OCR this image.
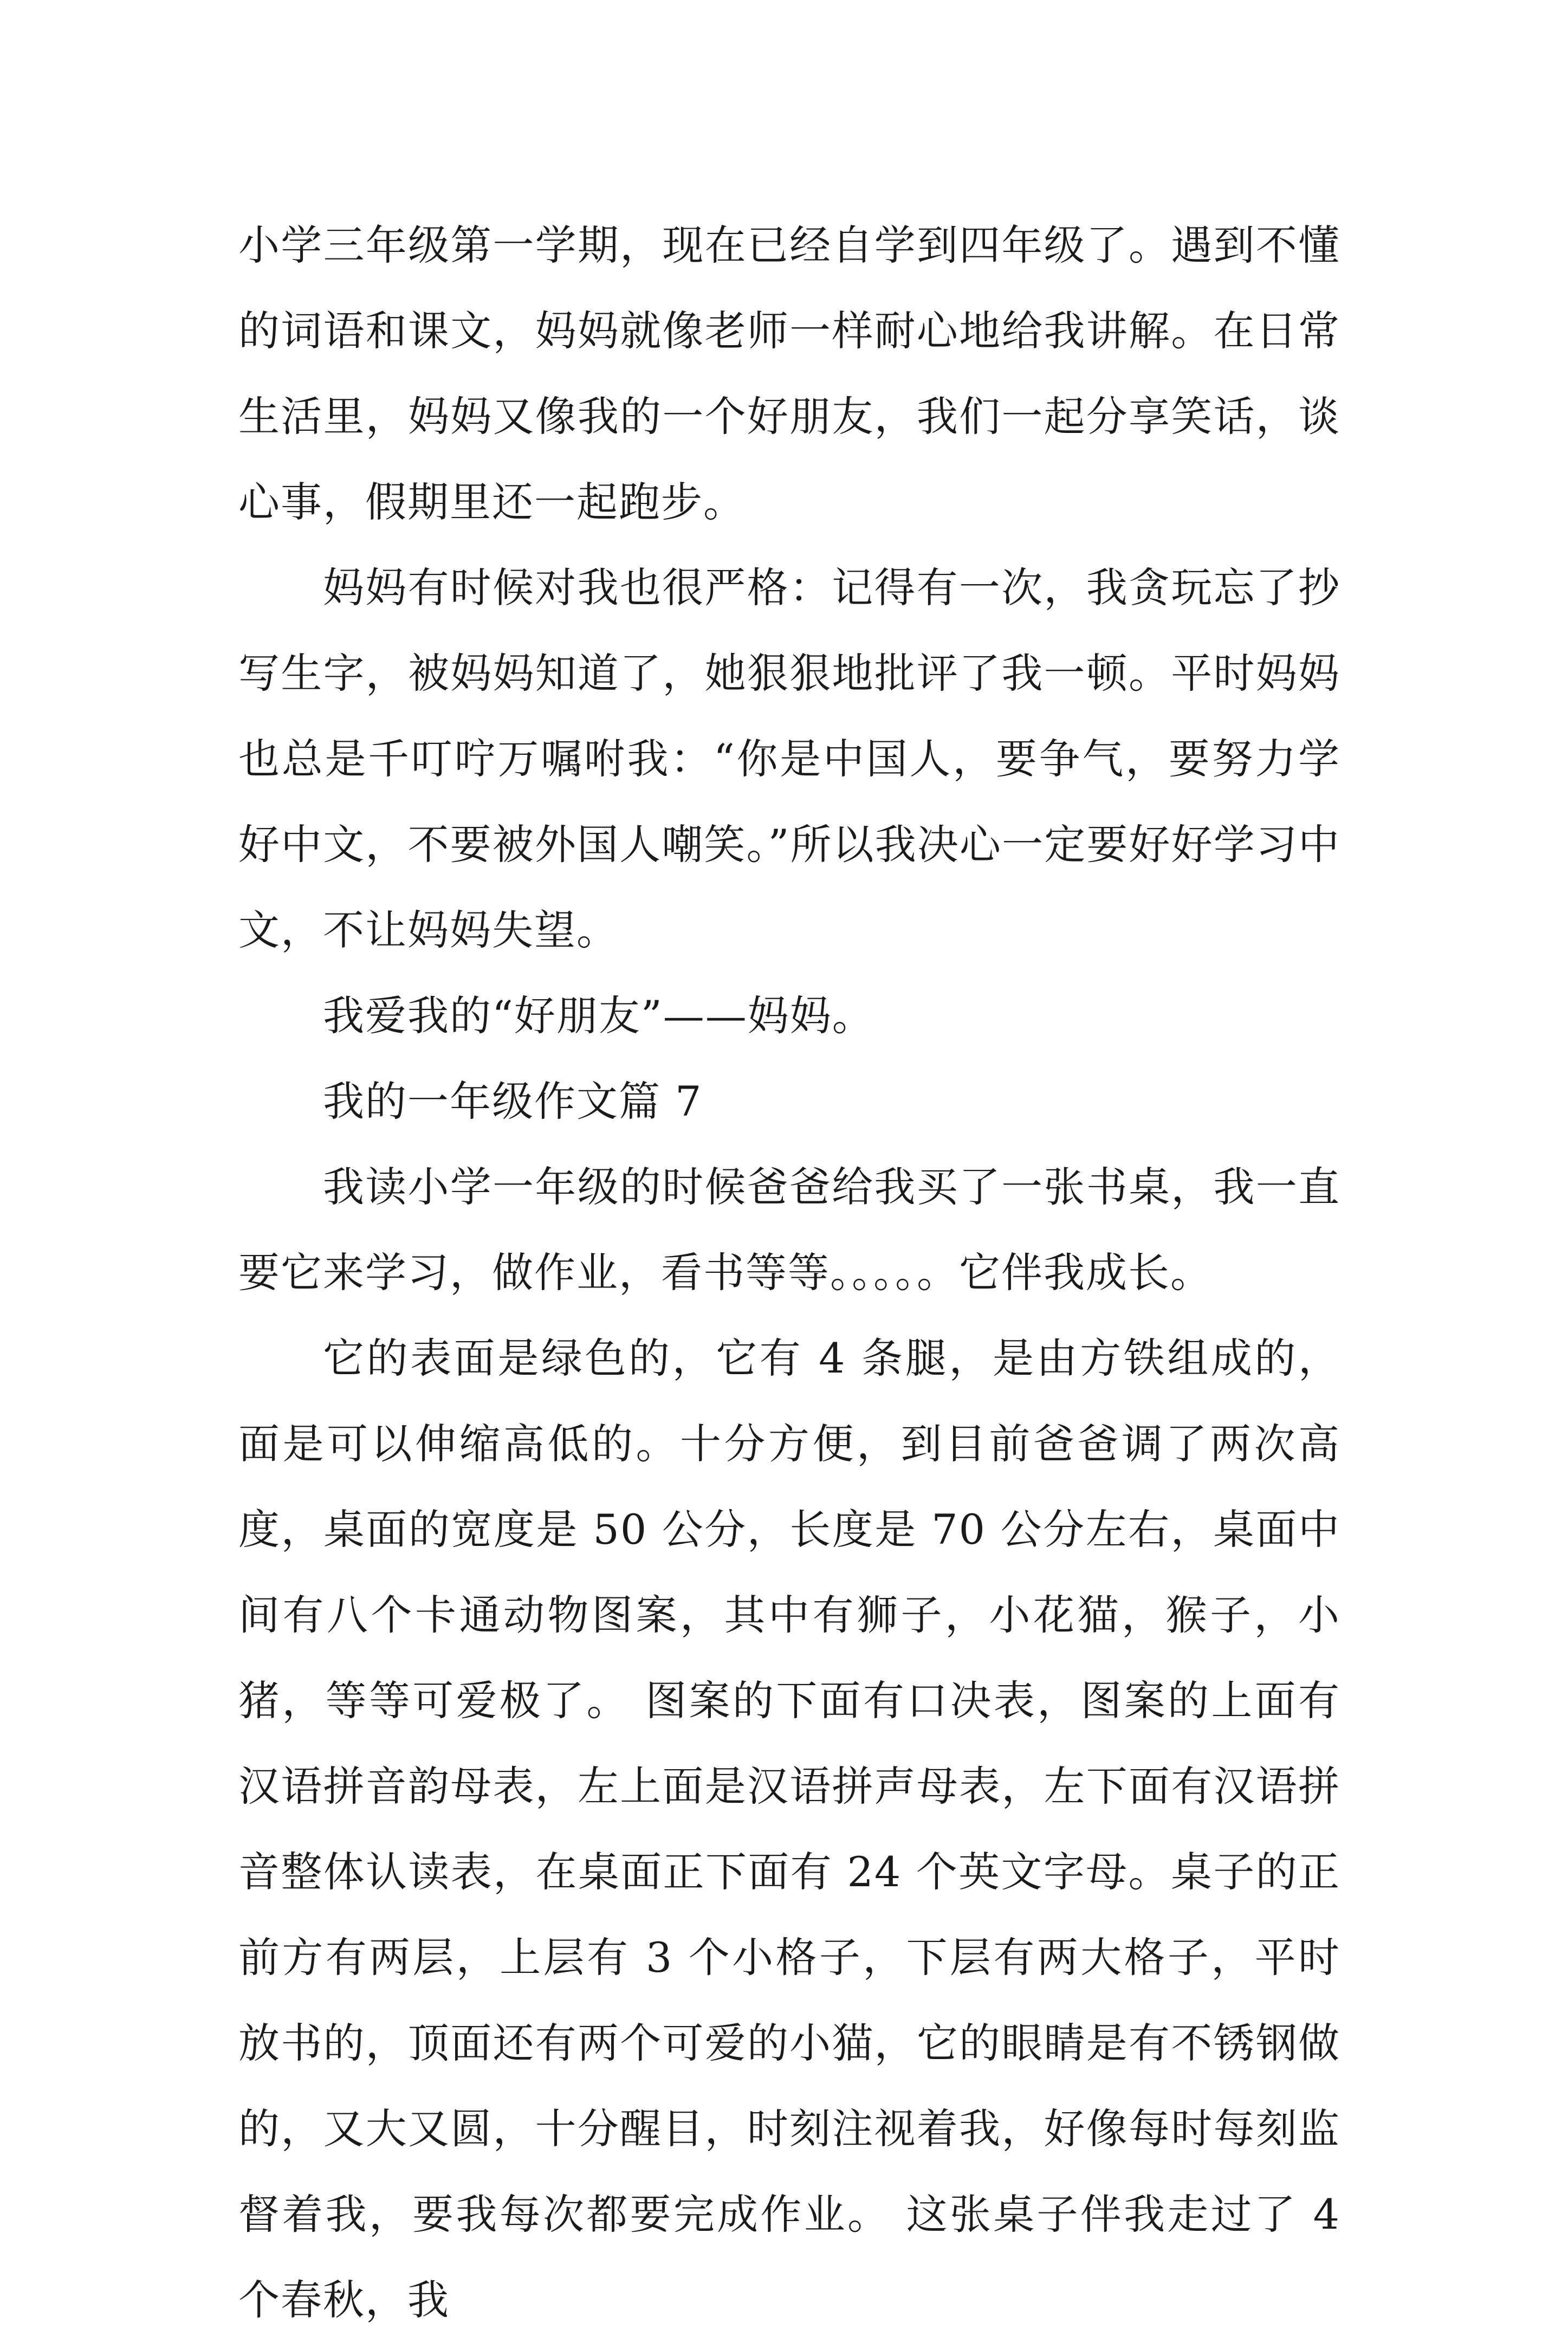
小学三年级第一学期，现在已经自学到四年级了。遇到不懂的词语和课文，妈妈就像老师一样耐心地给我讲解。在日常生活里，妈妈又像我的一个好朋友，我们一起分享笑话，谈心事，假期里还一起跑步。

妈妈有时候对我也很严格：记得有一次，我贪玩忘了抄写生字，被妈妈知道了，她狠狠地批评了我一顿。平时妈妈也总是千叮咛万嘱咐我：“你是中国人，要争气，要努力学好中文，不要被外国人嘲笑。”所以我决心一定要好好学习中文，不让妈妈失望。

我爱我的“好朋友”——妈妈。

我的一年级作文篇 7

我读小学一年级的时候爸爸给我买了一张书桌，我一直要它来学习，做作业，看书等等。。。。。它伴我成长。

它的表面是绿色的，它有 4 条腿，是由方铁组成的，面是可以伸缩高低的。十分方便，到目前爸爸调了两次高度，桌面的宽度是 50 公分，长度是 70 公分左右，桌面中间有八个卡通动物图案，其中有狮子，小花猫，猴子，小猪，等等可爱极了。 图案的下面有口决表，图案的上面有汉语拼音韵母表，左上面是汉语拼声母表，左下面有汉语拼音整体认读表，在桌面正下面有 24 个英文字母。桌子的正前方有两层，上层有 3 个小格子，下层有两大格子，平时放书的，顶面还有两个可爱的小猫，它的眼睛是有不锈钢做的，又大又圆，十分醒目，时刻注视着我，好像每时每刻监督着我，要我每次都要完成作业。 这张桌子伴我走过了 4 个春秋，我
